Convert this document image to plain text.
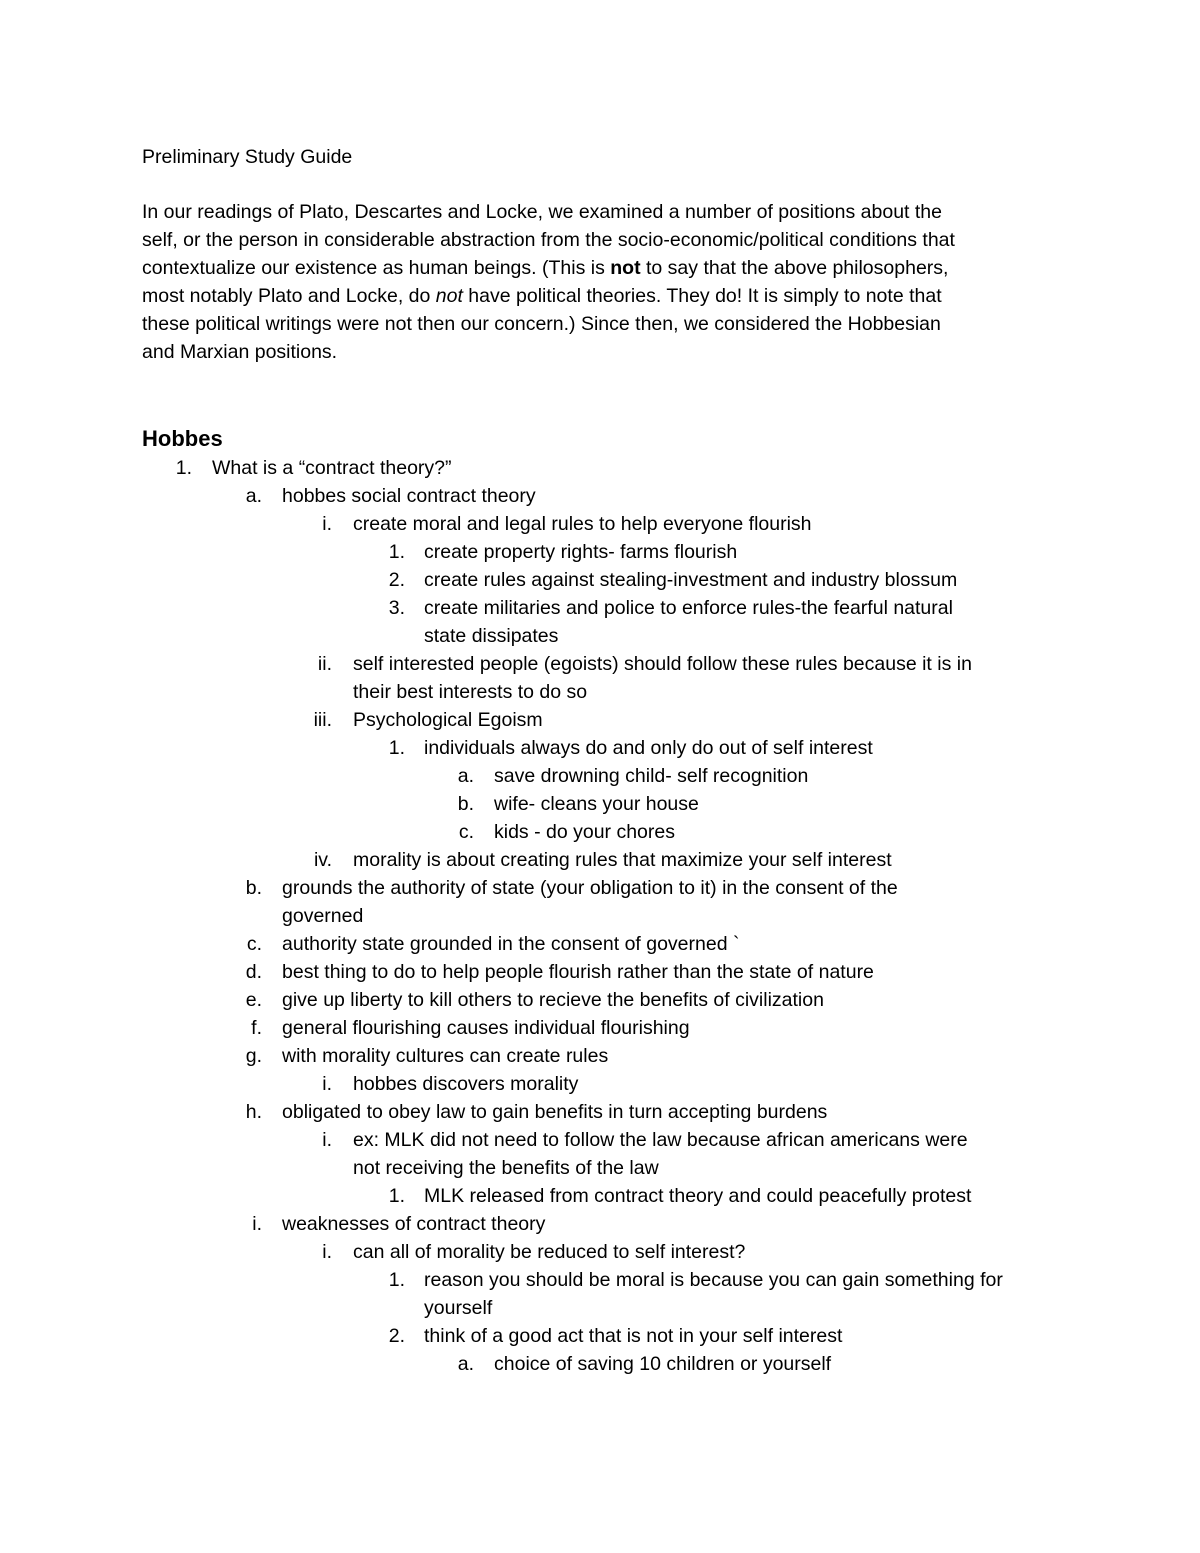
Preliminary Study Guide
In our readings of Plato, Descartes and Locke, we examined a number of positions about the
self, or the person in considerable abstraction from the socio-economic/political conditions that
contextualize our existence as human beings. (This is not to say that the above philosophers,
most notably Plato and Locke, do not have political theories. They do! It is simply to note that
these political writings were not then our concern.) Since then, we considered the Hobbesian
and Marxian positions.
Hobbes
1. What is a “contract theory?”
a. hobbes social contract theory
i. create moral and legal rules to help everyone flourish
1. create property rights- farms flourish
2. create rules against stealing-investment and industry blossum
3. create militaries and police to enforce rules-the fearful natural
state dissipates
ii. self interested people (egoists) should follow these rules because it is in
their best interests to do so
iii. Psychological Egoism
1. individuals always do and only do out of self interest
a. save drowning child- self recognition
b. wife- cleans your house
c. kids - do your chores
iv. morality is about creating rules that maximize your self interest
b. grounds the authority of state (your obligation to it) in the consent of the
governed
c. authority state grounded in the consent of governed `
d. best thing to do to help people flourish rather than the state of nature
e. give up liberty to kill others to recieve the benefits of civilization
f. general flourishing causes individual flourishing
g. with morality cultures can create rules
i. hobbes discovers morality
h. obligated to obey law to gain benefits in turn accepting burdens
i. ex: MLK did not need to follow the law because african americans were
not receiving the benefits of the law
1. MLK released from contract theory and could peacefully protest
i. weaknesses of contract theory
i. can all of morality be reduced to self interest?
1. reason you should be moral is because you can gain something for
yourself
2. think of a good act that is not in your self interest
a. choice of saving 10 children or yourself
